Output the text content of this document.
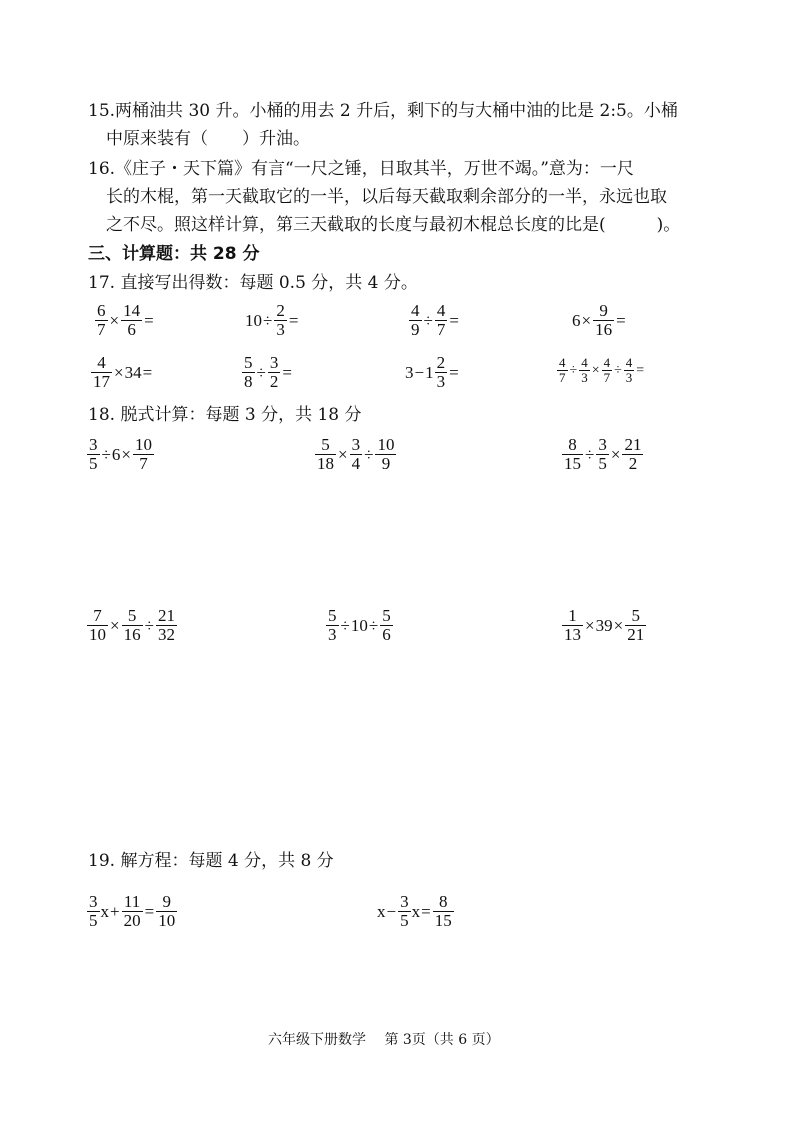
15.两桶油共 30 升。小桶的用去 2 升后，剩下的与大桶中油的比是 2:5。小桶
中原来装有（　　）升油。
16.《庄子・天下篇》有言“一尺之锤，日取其半，万世不竭。”意为：一尺
长的木棍，第一天截取它的一半，以后每天截取剩余部分的一半，永远也取
之不尽。照这样计算，第三天截取的长度与最初木棍总长度的比是(　　　)。
三、计算题：共 28 分
17. 直接写出得数：每题 0.5 分，共 4 分。
$\frac{6}{7} \times \frac{14}{6}$ =	$10 \div \frac{2}{3}$ =	$\frac{4}{9} \div \frac{4}{7}$ =	$6 \times \frac{9}{16}$ =
$\frac{4}{17} \times 34$ =	$\frac{5}{8} \div \frac{3}{2}$ =	$3 - 1 \frac{2}{3}$ =	$\frac{4}{7} \div \frac{4}{3} \times \frac{4}{7} \div \frac{4}{3}$ =
18. 脱式计算：每题 3 分，共 18 分
$\frac{3}{5} \div 6 \times \frac{10}{7}$	$\frac{5}{18} \times \frac{3}{4} \div \frac{10}{9}$	$\frac{8}{15} \div \frac{3}{5} \times \frac{21}{2}$
$\frac{7}{10} \times \frac{5}{16} \div \frac{21}{32}$	$\frac{5}{3} \div 10 \div \frac{5}{6}$	$\frac{1}{13} \times 39 \times \frac{5}{21}$
19. 解方程：每题 4 分，共 8 分
$\frac{3}{5}$ $x + \frac{11}{20} = \frac{9}{10}$	$x - \frac{3}{5}$ $x = \frac{8}{15}$
六年级下册数学　 第 3页（共 6 页）
